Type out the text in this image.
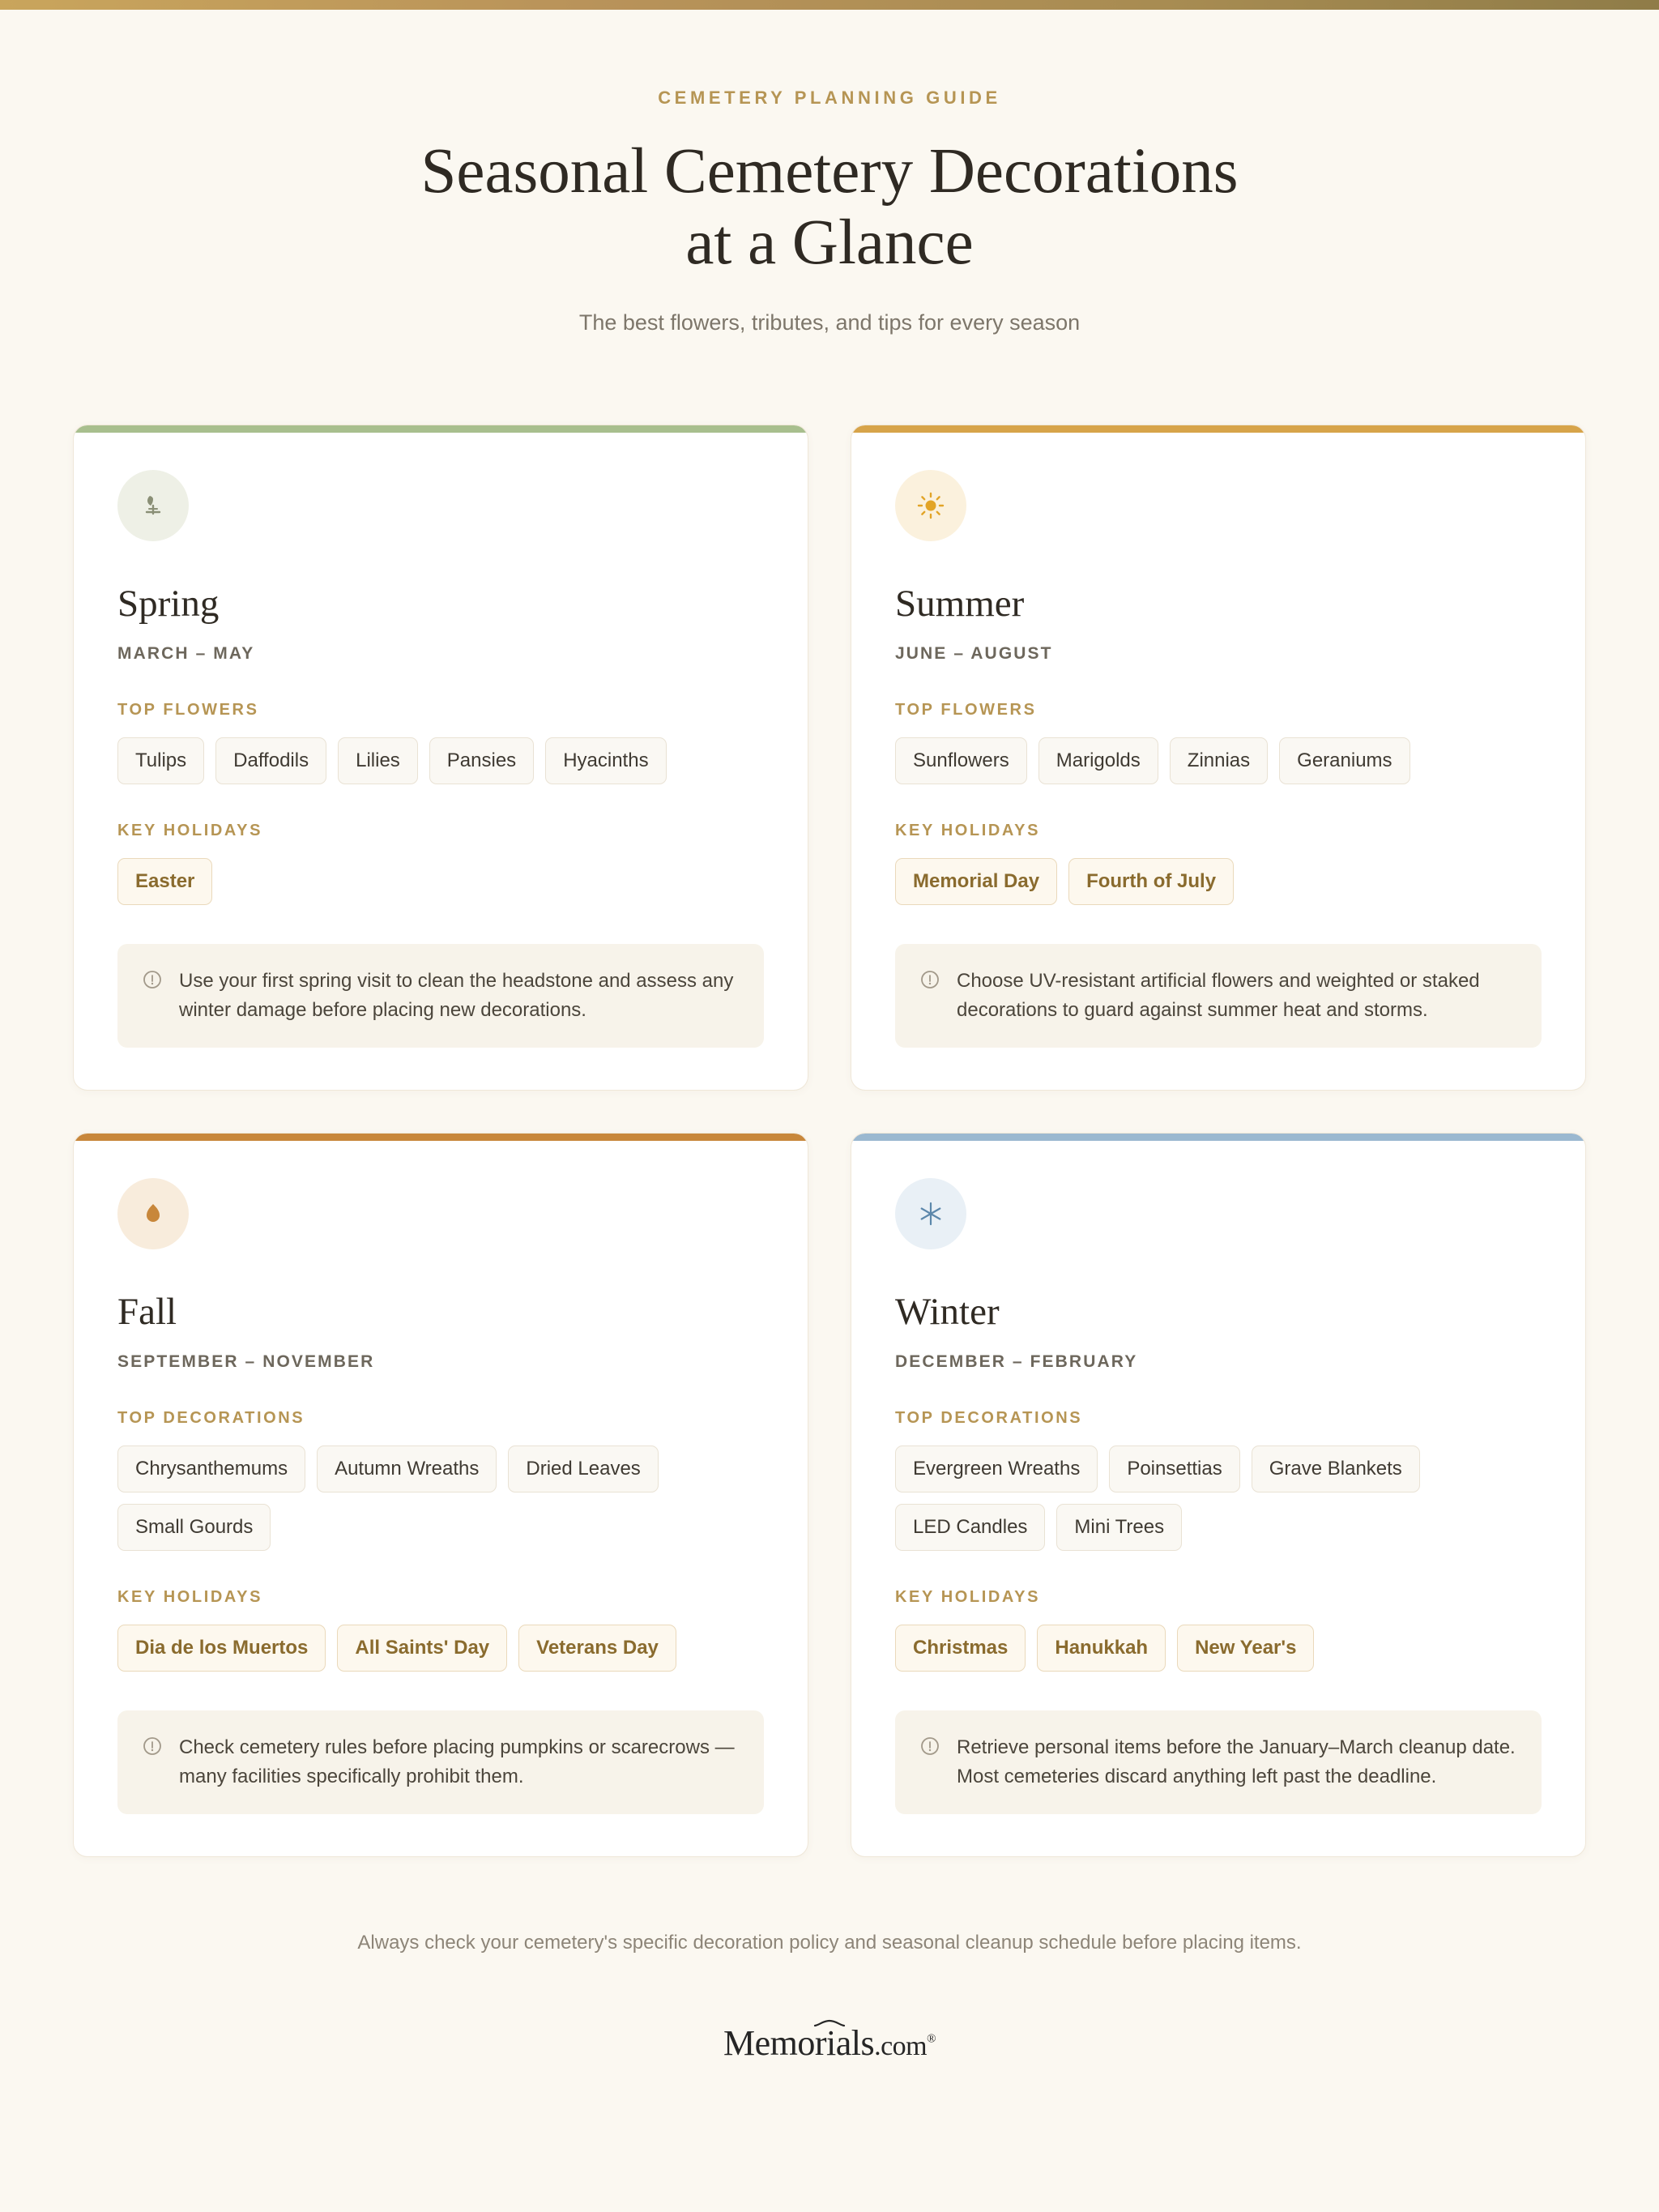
CEMETERY PLANNING GUIDE
Seasonal Cemetery Decorations
at a Glance
The best flowers, tributes, and tips for every season
Spring
MARCH – MAY
TOP FLOWERS
Tulips	Daffodils	Lilies	Pansies	Hyacinths
KEY HOLIDAYS
Easter
Use your first spring visit to clean the headstone and assess any winter damage before placing new decorations.
Summer
JUNE – AUGUST
TOP FLOWERS
Sunflowers	Marigolds	Zinnias	Geraniums
KEY HOLIDAYS
Memorial Day	Fourth of July
Choose UV-resistant artificial flowers and weighted or staked decorations to guard against summer heat and storms.
Fall
SEPTEMBER – NOVEMBER
TOP DECORATIONS
Chrysanthemums	Autumn Wreaths	Dried Leaves
Small Gourds
KEY HOLIDAYS
Dia de los Muertos	All Saints' Day	Veterans Day
Check cemetery rules before placing pumpkins or scarecrows — many facilities specifically prohibit them.
Winter
DECEMBER – FEBRUARY
TOP DECORATIONS
Evergreen Wreaths	Poinsettias	Grave Blankets
LED Candles	Mini Trees
KEY HOLIDAYS
Christmas	Hanukkah	New Year's
Retrieve personal items before the January–March cleanup date. Most cemeteries discard anything left past the deadline.
Always check your cemetery's specific decoration policy and seasonal cleanup schedule before placing items.
Memorials.com®
